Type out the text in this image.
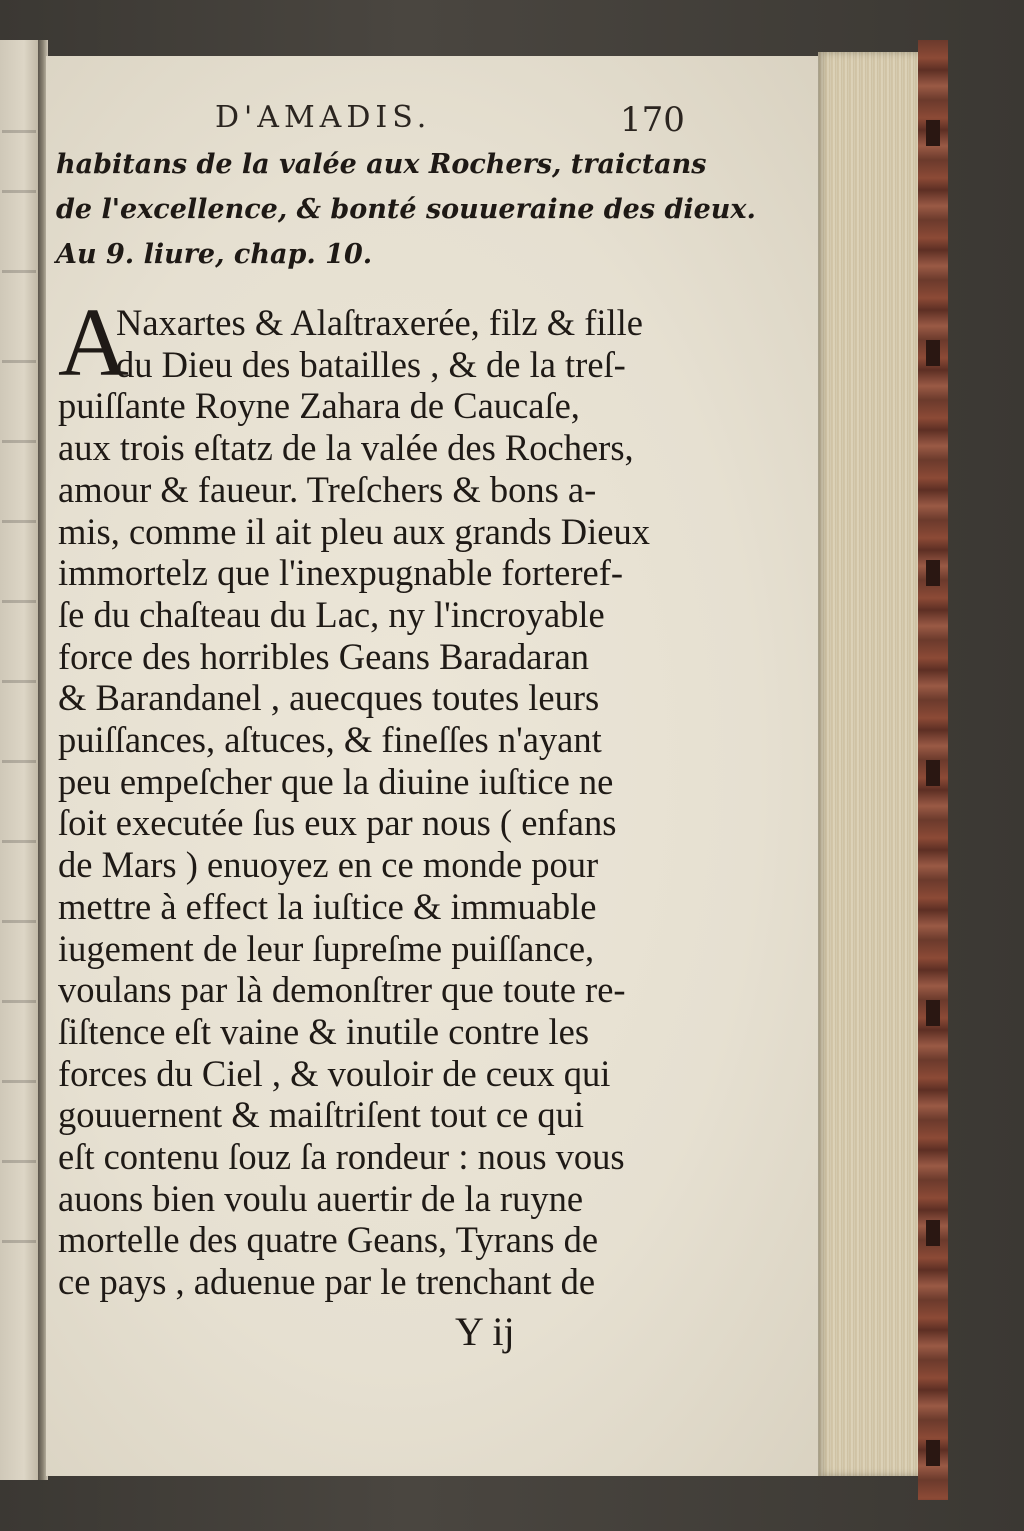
D'AMADIS.	170
habitans de la valée aux Rochers, traictans
de l'excellence, & bonté souueraine des dieux.
Au 9. liure, chap. 10.
A
Naxartes & Alaſtraxerée, filz & fille
du Dieu des batailles , & de la treſ-
puiſſante Royne Zahara de Caucaſe,
aux trois eſtatz de la valée des Rochers,
amour & faueur. Treſchers & bons a-
mis, comme il ait pleu aux grands Dieux
immortelz que l'inexpugnable forteref-
ſe du chaſteau du Lac, ny l'incroyable
force des horribles Geans Baradaran
& Barandanel , auecques toutes leurs
puiſſances, aſtuces, & fineſſes n'ayant
peu empeſcher que la diuine iuſtice ne
ſoit executée ſus eux par nous ( enfans
de Mars ) enuoyez en ce monde pour
mettre à effect la iuſtice & immuable
iugement de leur ſupreſme puiſſance,
voulans par là demonſtrer que toute re-
ſiſtence eſt vaine & inutile contre les
forces du Ciel , & vouloir de ceux qui
gouuernent & maiſtriſent tout ce qui
eſt contenu ſouz ſa rondeur : nous vous
auons bien voulu auertir de la ruyne
mortelle des quatre Geans, Tyrans de
ce pays , aduenue par le trenchant de
Y ij
